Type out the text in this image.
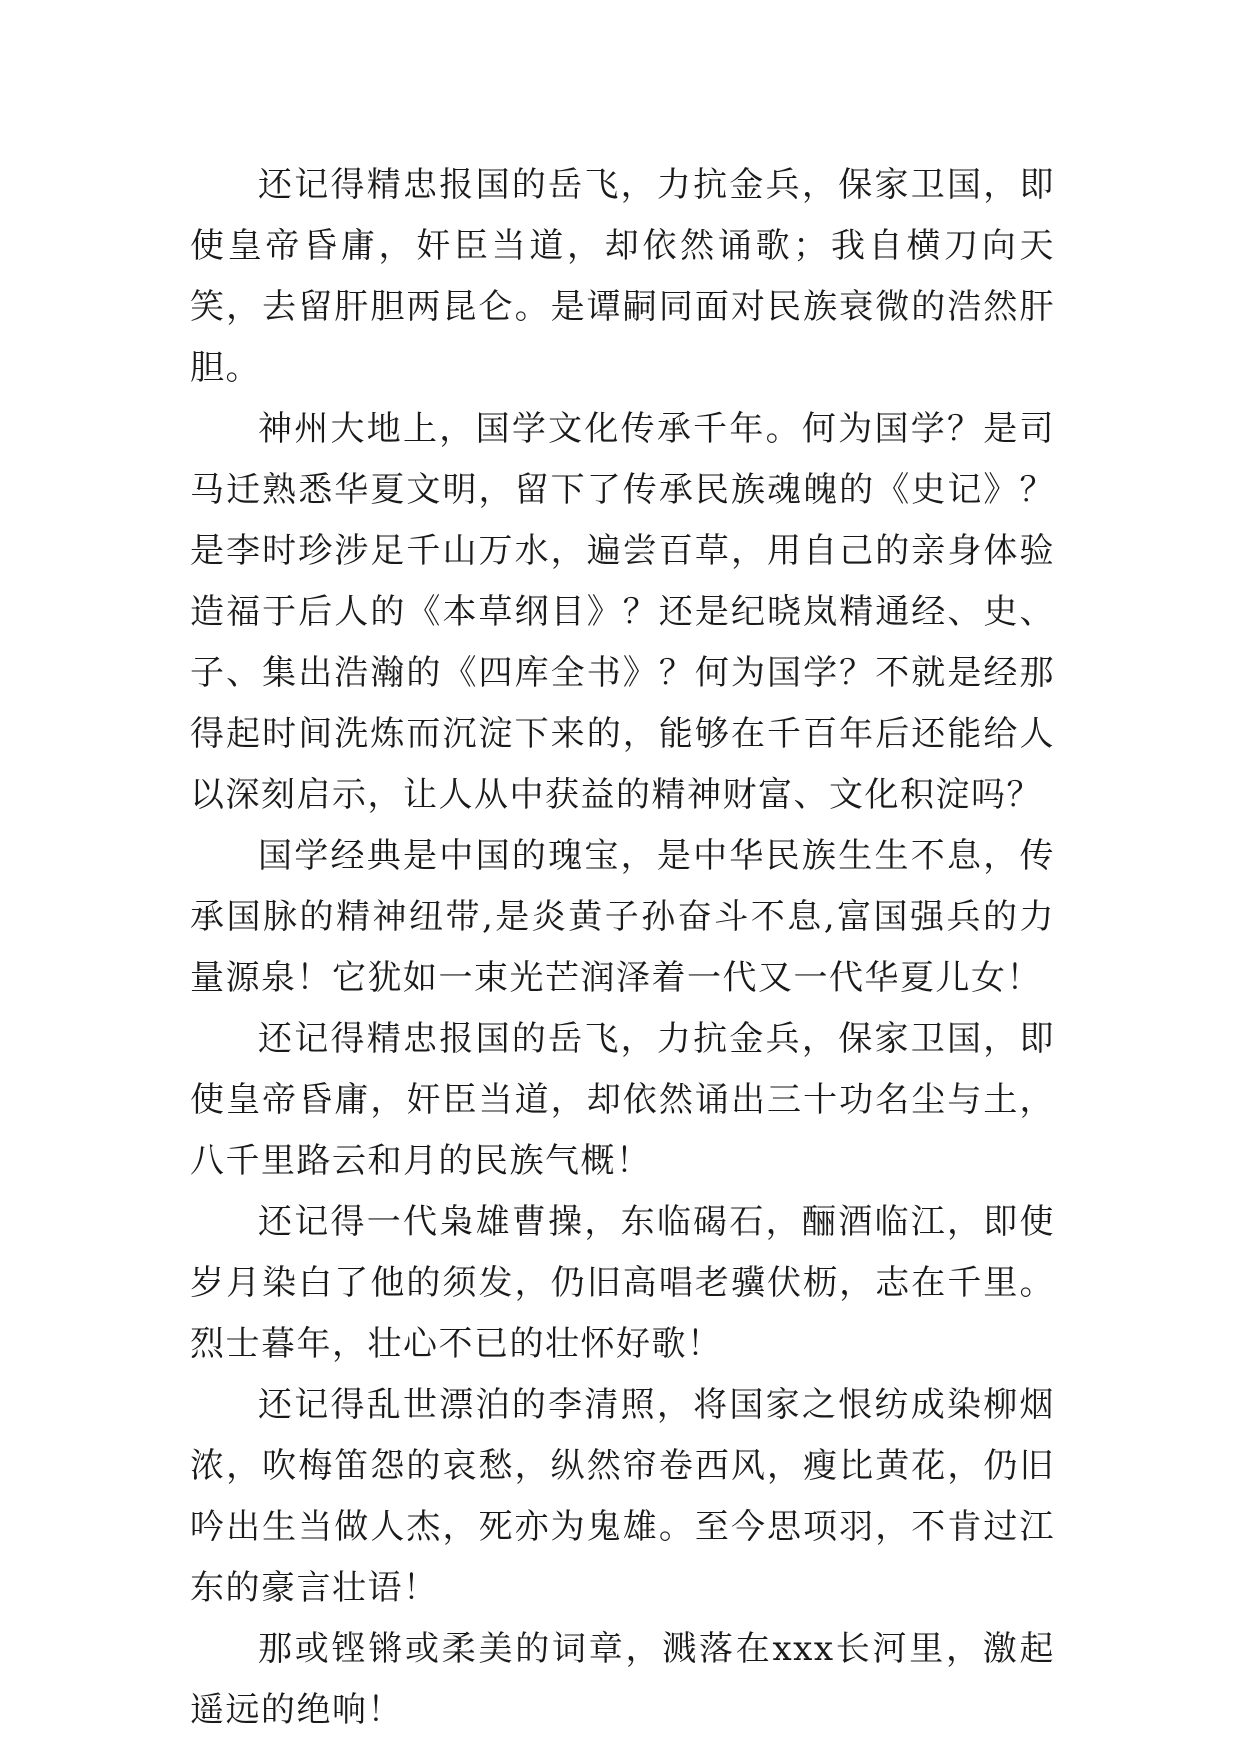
还记得精忠报国的岳飞，力抗金兵，保家卫国，即使皇帝昏庸，奸臣当道，却依然诵歌；我自横刀向天笑，去留肝胆两昆仑。是谭嗣同面对民族衰微的浩然肝胆。

神州大地上，国学文化传承千年。何为国学？是司马迁熟悉华夏文明，留下了传承民族魂魄的《史记》？是李时珍涉足千山万水，遍尝百草，用自己的亲身体验造福于后人的《本草纲目》？还是纪晓岚精通经、史、子、集出浩瀚的《四库全书》？何为国学？不就是经那得起时间洗炼而沉淀下来的，能够在千百年后还能给人以深刻启示，让人从中获益的精神财富、文化积淀吗？

国学经典是中国的瑰宝，是中华民族生生不息，传承国脉的精神纽带,是炎黄子孙奋斗不息,富国强兵的力量源泉！它犹如一束光芒润泽着一代又一代华夏儿女！

还记得精忠报国的岳飞，力抗金兵，保家卫国，即使皇帝昏庸，奸臣当道，却依然诵出三十功名尘与土，八千里路云和月的民族气概！

还记得一代枭雄曹操，东临碣石，酾酒临江，即使岁月染白了他的须发，仍旧高唱老骥伏枥，志在千里。烈士暮年，壮心不已的壮怀好歌！

还记得乱世漂泊的李清照，将国家之恨纺成染柳烟浓，吹梅笛怨的哀愁，纵然帘卷西风，瘦比黄花，仍旧吟出生当做人杰，死亦为鬼雄。至今思项羽，不肯过江东的豪言壮语！

那或铿锵或柔美的词章，溅落在xxx长河里，激起遥远的绝响！
